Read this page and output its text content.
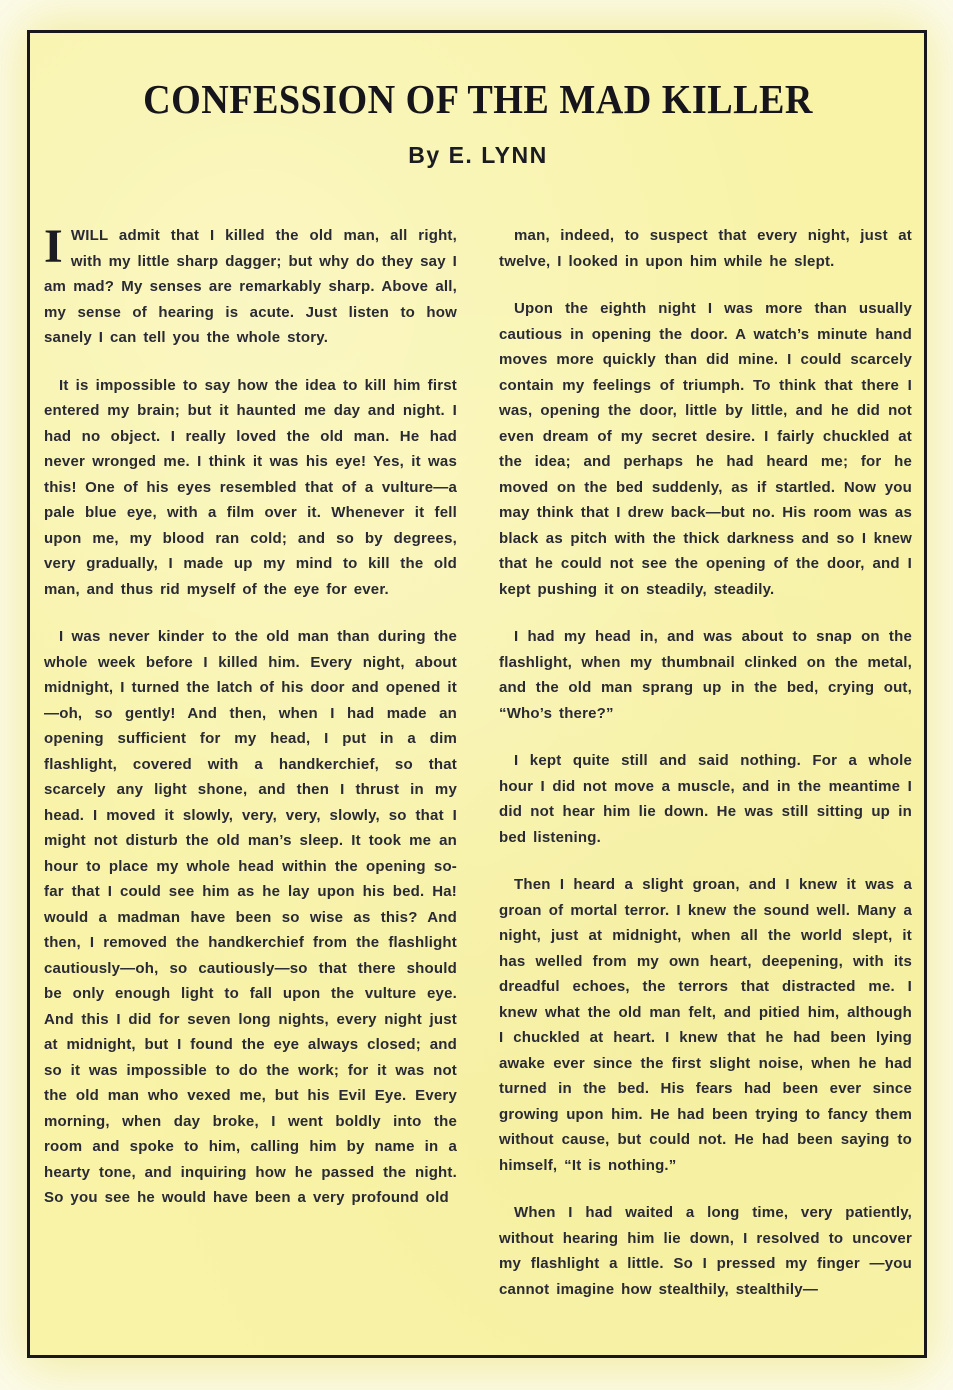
CONFESSION OF THE MAD KILLER
By E. LYNN

IWILL admit that I killed the old man, all right, with my little sharp dagger; but why do they say I am mad? My senses are remarkably sharp. Above all, my sense of hearing is acute. Just listen to how sanely I can tell you the whole story.

It is impossible to say how the idea to kill him first entered my brain; but it haunted me day and night. I had no object. I really loved the old man. He had never wronged me. I think it was his eye! Yes, it was this! One of his eyes resembled that of a vulture—a pale blue eye, with a film over it. Whenever it fell upon me, my blood ran cold; and so by degrees, very gradually, I made up my mind to kill the old man, and thus rid myself of the eye for ever.

I was never kinder to the old man than during the whole week before I killed him. Every night, about midnight, I turned the latch of his door and opened it—oh, so gently! And then, when I had made an opening sufficient for my head, I put in a dim flashlight, covered with a handkerchief, so that scarcely any light shone, and then I thrust in my head. I moved it slowly, very, very, slowly, so that I might not disturb the old man’s sleep. It took me an hour to place my whole head within the opening so-far that I could see him as he lay upon his bed. Ha! would a madman have been so wise as this? And then, I removed the handkerchief from the flashlight cautiously—oh, so cautiously—so that there should be only enough light to fall upon the vulture eye. And this I did for seven long nights, every night just at midnight, but I found the eye always closed; and so it was impossible to do the work; for it was not the old man who vexed me, but his Evil Eye. Every morning, when day broke, I went boldly into the room and spoke to him, calling him by name in a hearty tone, and inquiring how he passed the night. So you see he would have been a very profound old

man, indeed, to suspect that every night, just at twelve, I looked in upon him while he slept.

Upon the eighth night I was more than usually cautious in opening the door. A watch’s minute hand moves more quickly than did mine. I could scarcely contain my feelings of triumph. To think that there I was, opening the door, little by little, and he did not even dream of my secret desire. I fairly chuckled at the idea; and perhaps he had heard me; for he moved on the bed suddenly, as if startled. Now you may think that I drew back—but no. His room was as black as pitch with the thick darkness and so I knew that he could not see the opening of the door, and I kept pushing it on steadily, steadily.

I had my head in, and was about to snap on the flashlight, when my thumbnail clinked on the metal, and the old man sprang up in the bed, crying out, “Who’s there?”

I kept quite still and said nothing. For a whole hour I did not move a muscle, and in the meantime I did not hear him lie down. He was still sitting up in bed listening.

Then I heard a slight groan, and I knew it was a groan of mortal terror. I knew the sound well. Many a night, just at midnight, when all the world slept, it has welled from my own heart, deepening, with its dreadful echoes, the terrors that distracted me. I knew what the old man felt, and pitied him, although I chuckled at heart. I knew that he had been lying awake ever since the first slight noise, when he had turned in the bed. His fears had been ever since growing upon him. He had been trying to fancy them without cause, but could not. He had been saying to himself, “It is nothing.”

When I had waited a long time, very patiently, without hearing him lie down, I resolved to uncover my flashlight a little. So I pressed my finger —you cannot imagine how stealthily, stealthily—
